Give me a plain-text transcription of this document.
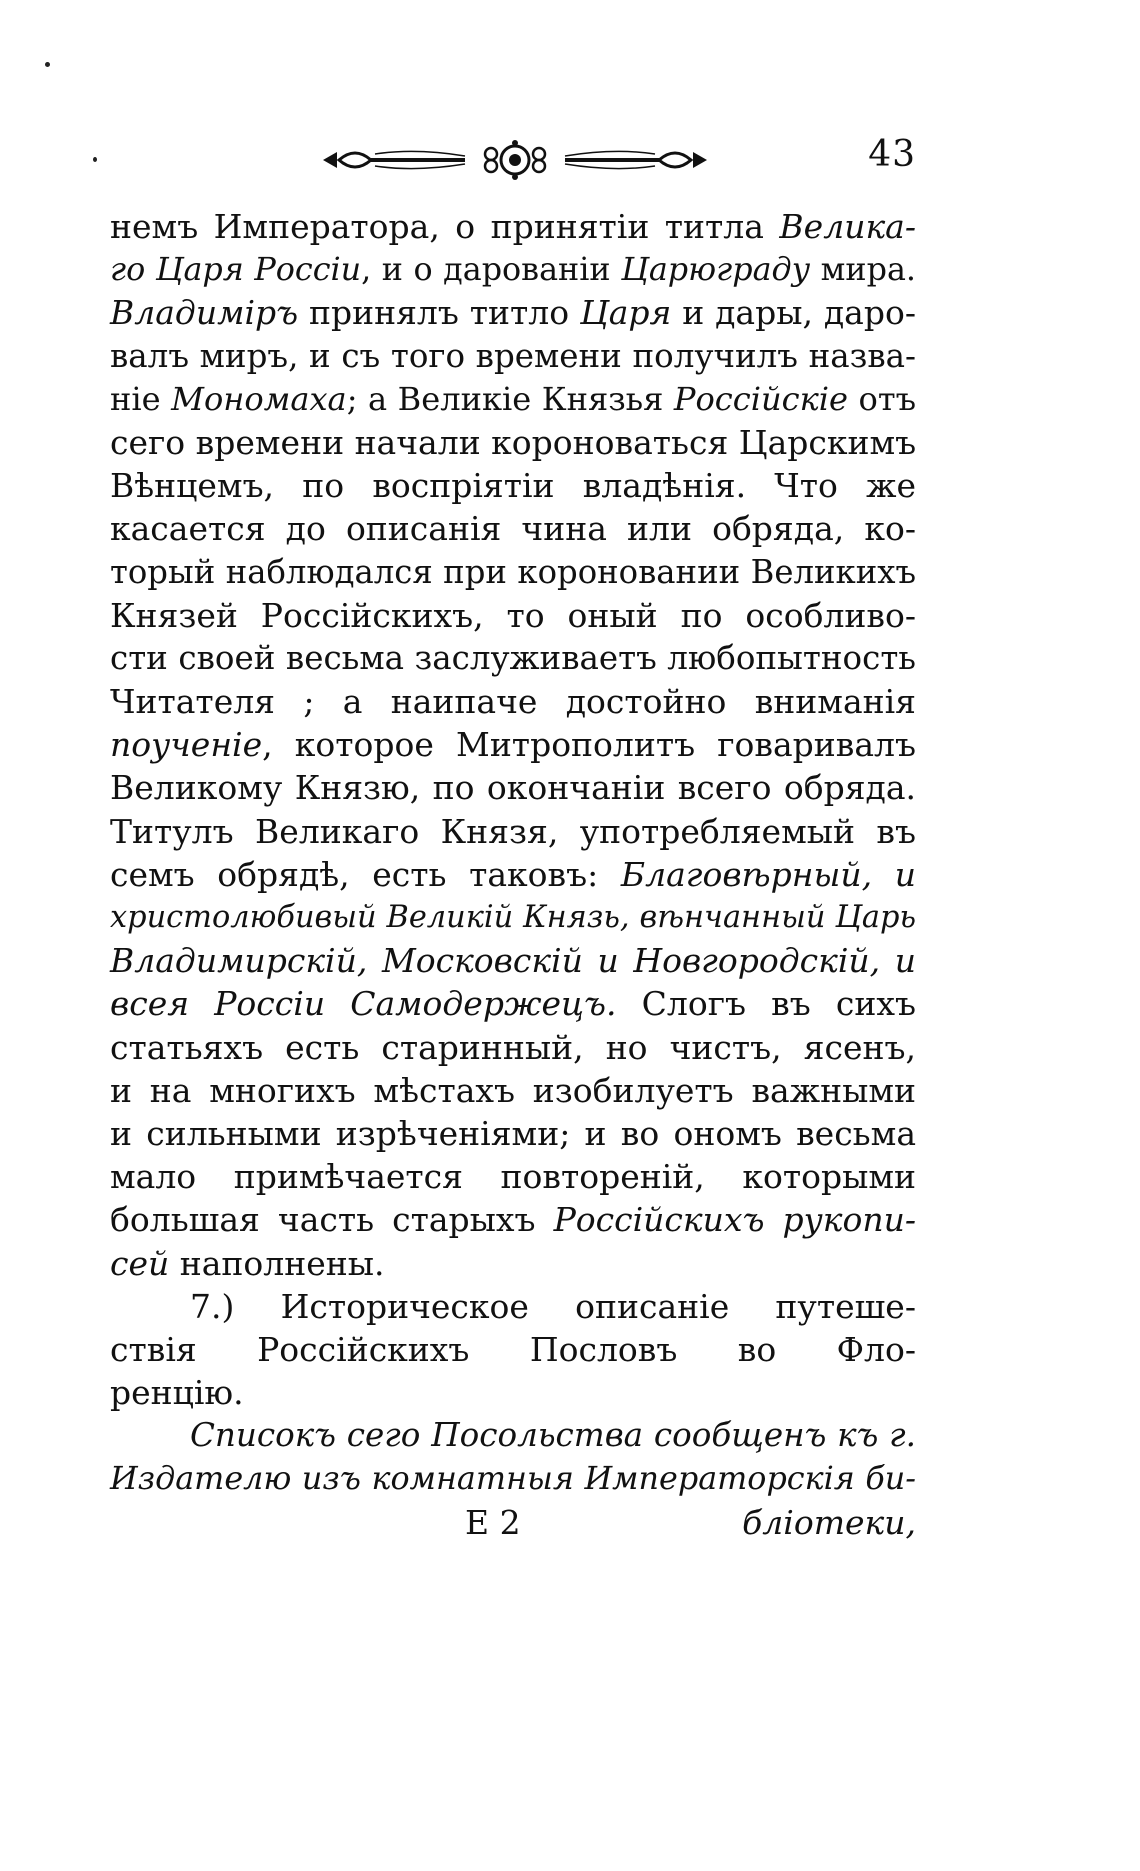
43
немъ Императора, о принятіи титла Велика-
го Царя Россіи, и о дарованіи Царюграду мира.
Владиміръ принялъ титло Царя и дары, даро-
валъ миръ, и съ того времени получилъ назва-
ніе Мономаха; а Великіе Князья Россійскіе отъ
сего времени начали короноваться Царскимъ
Вѣнцемъ, по воспріятіи владѣнія. Что же
касается до описанія чина или обряда, ко-
торый наблюдался при короновании Великихъ
Князей Россійскихъ, то оный по особливо-
сти своей весьма заслуживаетъ любопытность
Читателя ; а наипаче достойно вниманія
поученіе, которое Митрополитъ говаривалъ
Великому Князю, по окончаніи всего обряда.
Титулъ Великаго Князя, употребляемый въ
семъ обрядѣ, есть таковъ: Благовѣрный, и
христолюбивый Великій Князь, вѣнчанный Царь
Владимирскій, Московскій и Новгородскій, и
всея Россіи Самодержецъ. Слогъ въ сихъ
статьяхъ есть старинный, но чистъ, ясенъ,
и на многихъ мѣстахъ изобилуетъ важными
и сильными изрѣченіями; и во ономъ весьма
мало примѣчается повтореній, которыми
большая часть старыхъ Россійскихъ рукопи-
сей наполнены.
7.) Историческое описаніе путеше-
ствія Россійскихъ Пословъ во Фло-
ренцію.
Списокъ сего Посольства сообщенъ къ г.
Издателю изъ комнатныя Императорскія би-
Е 2	бліотеки,
